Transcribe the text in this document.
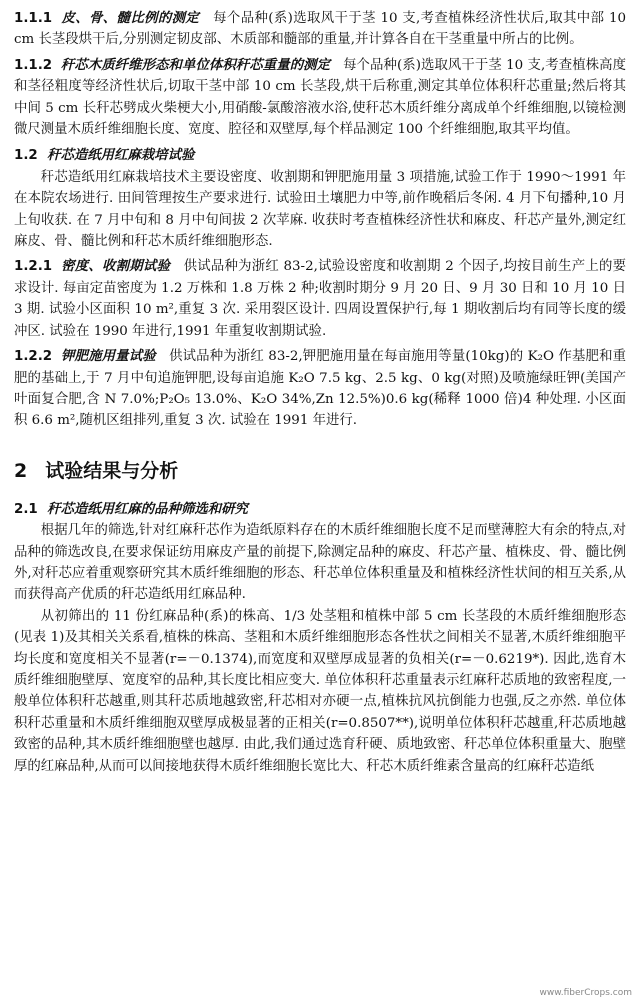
1.1.1 皮、骨、髓比例的测定 每个品种(系)选取风干于茎 10 支,考查植株经济性状后,取其中部 10 cm 长茎段烘干后,分别测定韧皮部、木质部和髓部的重量,并计算各自在干茎重量中所占的比例。

1.1.2 秆芯木质纤维形态和单位体积秆芯重量的测定 每个品种(系)选取风干于茎 10 支,考查植株高度和茎径粗度等经济性状后,切取干茎中部 10 cm 长茎段,烘干后称重,测定其单位体积秆芯重量;然后将其中间 5 cm 长秆芯劈成火柴梗大小,用硝酸-氯酸溶液水浴,使秆芯木质纤维分离成单个纤维细胞,以镜检测微尺测量木质纤维细胞长度、宽度、腔径和双壁厚,每个样品测定 100 个纤维细胞,取其平均值。

1.2 秆芯造纸用红麻栽培试验

秆芯造纸用红麻栽培技术主要设密度、收割期和钾肥施用量 3 项措施,试验工作于 1990～1991 年在本院农场进行. 田间管理按生产要求进行. 试验田土壤肥力中等,前作晚稻后冬闲. 4 月下旬播种,10 月上旬收获. 在 7 月中旬和 8 月中旬间拔 2 次苹麻. 收获时考查植株经济性状和麻皮、秆芯产量外,测定红麻皮、骨、髓比例和秆芯木质纤维细胞形态.

1.2.1 密度、收割期试验 供试品种为浙红 83-2,试验设密度和收割期 2 个因子,均按目前生产上的要求设计. 每亩定苗密度为 1.2 万株和 1.8 万株 2 种;收割时期分 9 月 20 日、9 月 30 日和 10 月 10 日 3 期. 试验小区面积 10 m²,重复 3 次. 采用裂区设计. 四周设置保护行,每 1 期收割后均有同等长度的缓冲区. 试验在 1990 年进行,1991 年重复收割期试验.

1.2.2 钾肥施用量试验 供试品种为浙红 83-2,钾肥施用量在每亩施用等量(10kg)的 K₂O 作基肥和重肥的基础上,于 7 月中旬追施钾肥,设每亩追施 K₂O 7.5 kg、2.5 kg、0 kg(对照)及喷施绿旺钾(美国产叶面复合肥,含 N 7.0%;P₂O₅ 13.0%、K₂O 34%,Zn 12.5%)0.6 kg(稀释 1000 倍)4 种处理. 小区面积 6.6 m²,随机区组排列,重复 3 次. 试验在 1991 年进行.

2 试验结果与分析
2.1 秆芯造纸用红麻的品种筛选和研究

根据几年的筛选,针对红麻秆芯作为造纸原料存在的木质纤维细胞长度不足而壁薄腔大有余的特点,对品种的筛选改良,在要求保证纺用麻皮产量的前提下,除测定品种的麻皮、秆芯产量、植株皮、骨、髓比例外,对秆芯应着重观察研究其木质纤维细胞的形态、秆芯单位体积重量及和植株经济性状间的相互关系,从而获得高产优质的秆芯造纸用红麻品种.

从初筛出的 11 份红麻品种(系)的株高、1/3 处茎粗和植株中部 5 cm 长茎段的木质纤维细胞形态(见表 1)及其相关关系看,植株的株高、茎粗和木质纤维细胞形态各性状之间相关不显著,木质纤维细胞平均长度和宽度相关不显著(r=－0.1374),而宽度和双壁厚成显著的负相关(r=－0.6219*). 因此,选育木质纤维细胞壁厚、宽度窄的品种,其长度比相应变大. 单位体积秆芯重量表示红麻秆芯质地的致密程度,一般单位体积秆芯越重,则其秆芯质地越致密,秆芯相对亦硬一点,植株抗风抗倒能力也强,反之亦然. 单位体积秆芯重量和木质纤维细胞双壁厚成极显著的正相关(r=0.8507**),说明单位体积秆芯越重,秆芯质地越致密的品种,其木质纤维细胞壁也越厚. 由此,我们通过选育秆硬、质地致密、秆芯单位体积重量大、胞壁厚的红麻品种,从而可以间接地获得木质纤维细胞长宽比大、秆芯木质纤维素含量高的红麻秆芯造纸

www.fiberCrops.com
